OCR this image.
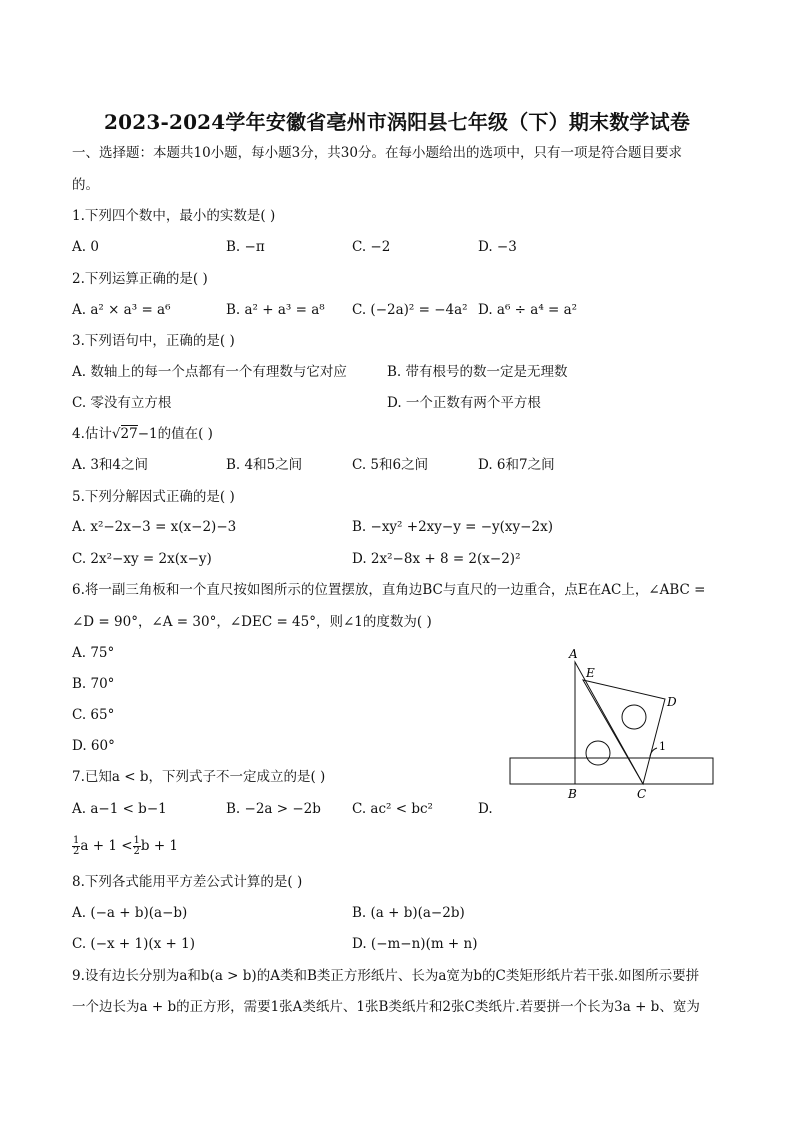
2023-2024学年安徽省亳州市涡阳县七年级（下）期末数学试卷
一、选择题：本题共10小题，每小题3分，共30分。在每小题给出的选项中，只有一项是符合题目要求
的。
1.下列四个数中，最小的实数是( )
A. 0	B. −π	C. −2	D. −3
2.下列运算正确的是( )
A. a² × a³ = a⁶	B. a² + a³ = a⁸ C. (−2a)² = −4a² D. a⁶ ÷ a⁴ = a²
3.下列语句中，正确的是( )
A. 数轴上的每一个点都有一个有理数与它对应	B. 带有根号的数一定是无理数
C. 零没有立方根	D. 一个正数有两个平方根
4.估计√27−1的值在( )
A. 3和4之间	B. 4和5之间	C. 5和6之间	D. 6和7之间
5.下列分解因式正确的是( )
A. x²−2x−3 = x(x−2)−3	B. −xy² +2xy−y = −y(xy−2x)
C. 2x²−xy = 2x(x−y)	D. 2x²−8x + 8 = 2(x−2)²
6.将一副三角板和一个直尺按如图所示的位置摆放，直角边BC与直尺的一边重合，点E在AC上，∠ABC =
∠D = 90°，∠A = 30°，∠DEC = 45°，则∠1的度数为( )
A. 75°
B. 70°
C. 65°
D. 60°
A
E
D
1
B	C
7.已知a < b，下列式子不一定成立的是( )
A. a−1 < b−1	B. −2a > −2b C. ac² < bc²	D.
$\frac{1}{2}$ $a + 1 < \frac{1}{2}$ b + 1
8.下列各式能用平方差公式计算的是( )
A. (−a + b)(a−b)	B. (a + b)(a−2b)
C. (−x + 1)(x + 1)	D. (−m−n)(m + n)
9.设有边长分别为a和b(a > b)的A类和B类正方形纸片、长为a宽为b的C类矩形纸片若干张.如图所示要拼
一个边长为a + b的正方形，需要1张A类纸片、1张B类纸片和2张C类纸片.若要拼一个长为3a + b、宽为
